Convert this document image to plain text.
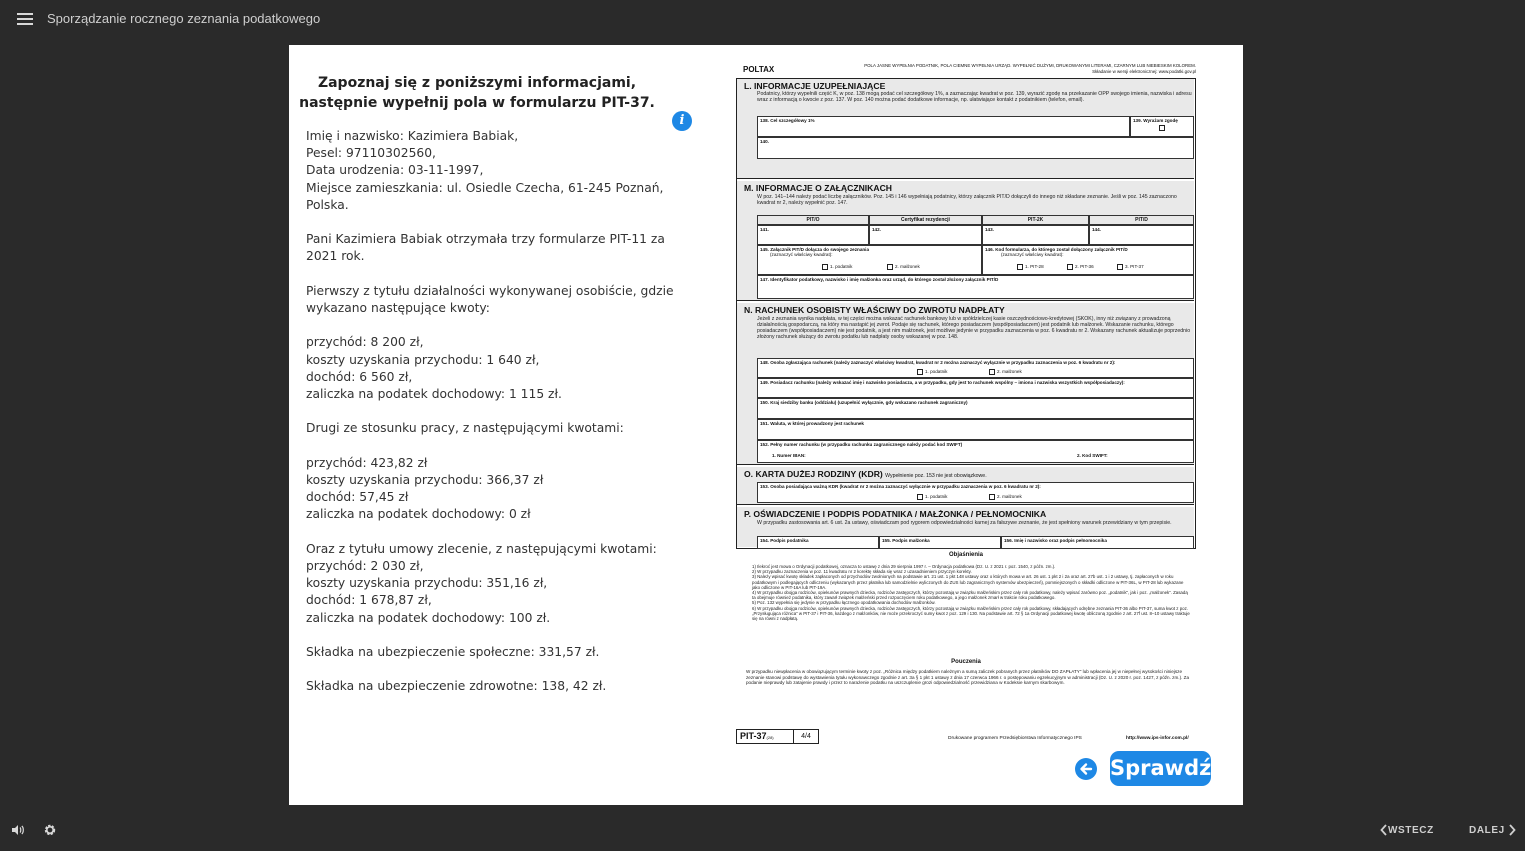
Sporządzanie rocznego zeznania podatkowego
Zapoznaj się z poniższymi informacjami, następnie wypełnij pola w formularzu PIT-37.
i
Imię i nazwisko: Kazimiera Babiak,
Pesel: 97110302560,
Data urodzenia: 03-11-1997,
Miejsce zamieszkania: ul. Osiedle Czecha, 61-245 Poznań, Polska.
Pani Kazimiera Babiak otrzymała trzy formularze PIT-11 za 2021 rok.
Pierwszy z tytułu działalności wykonywanej osobiście, gdzie wykazano następujące kwoty:
przychód: 8 200 zł,
koszty uzyskania przychodu: 1 640 zł,
dochód: 6 560 zł,
zaliczka na podatek dochodowy: 1 115 zł.
Drugi ze stosunku pracy, z następującymi kwotami:
przychód: 423,82 zł
koszty uzyskania przychodu: 366,37 zł
dochód: 57,45 zł
zaliczka na podatek dochodowy: 0 zł
Oraz z tytułu umowy zlecenie, z następującymi kwotami:
przychód: 2 030 zł,
koszty uzyskania przychodu: 351,16 zł,
dochód: 1 678,87 zł,
zaliczka na podatek dochodowy: 100 zł.
Składka na ubezpieczenie społeczne: 331,57 zł.
Składka na ubezpieczenie zdrowotne: 138, 42 zł.
POLTAX	POLA JASNE WYPEŁNIA PODATNIK, POLA CIEMNE WYPEŁNIA URZĄD. WYPEŁNIĆ DUŻYMI, DRUKOWANYMI LITERAMI, CZARNYM LUB NIEBIESKIM KOLOREM. Składanie w wersji elektronicznej: www.podatki.gov.pl
L. INFORMACJE UZUPEŁNIAJĄCE
Podatnicy, którzy wypełnili część K, w poz. 138 mogą podać cel szczegółowy 1%, a zaznaczając kwadrat w poz. 139, wyrazić zgodę na przekazanie OPP swojego imienia, nazwiska i adresu wraz z informacją o kwocie z poz. 137. W poz. 140 można podać dodatkowe informacje, np. ułatwiające kontakt z podatnikiem (telefon, email).
138. Cel szczegółowy 1%	139. Wyrażam zgodę

140.
M. INFORMACJE O ZAŁĄCZNIKACH
W poz. 141–144 należy podać liczbę załączników. Poz. 145 i 146 wypełniają podatnicy, którzy załącznik PIT/D dołączyli do innego niż składane zeznanie. Jeśli w poz. 145 zaznaczono kwadrat nr 2, należy wypełnić poz. 147.
PIT/O	Certyfikat rezydencji	PIT-2K	PIT/D
141.	142.	143.	144.
145. Załącznik PIT/D dołącza do swojego zeznania
(zaznaczyć właściwy kwadrat):
1. podatnik	2. małżonek
146. Kod formularza, do którego został dołączony załącznik PIT/D
(zaznaczyć właściwy kwadrat):
1. PIT-28	2. PIT-36	3. PIT-37
147. Identyfikator podatkowy, nazwisko i imię małżonka oraz urząd, do którego został złożony załącznik PIT/D
N. RACHUNEK OSOBISTY WŁAŚCIWY DO ZWROTU NADPŁATY
Jeżeli z zeznania wynika nadpłata, w tej części można wskazać rachunek bankowy lub w spółdzielczej kasie oszczędnościowo-kredytowej (SKOK), inny niż związany z prowadzoną działalnością gospodarczą, na który ma nastąpić jej zwrot. Podaje się rachunek, którego posiadaczem (współposiadaczem) jest podatnik lub małżonek. Wskazanie rachunku, którego posiadaczem (współposiadaczem) nie jest podatnik, a jest nim małżonek, jest możliwe jedynie w przypadku zaznaczenia w poz. 6 kwadratu nr 2. Wskazany rachunek aktualizuje poprzednio złożony rachunek służący do zwrotu podatku lub nadpłaty osoby wskazanej w poz. 148.
148. Osoba zgłaszająca rachunek (należy zaznaczyć właściwy kwadrat, kwadrat nr 2 można zaznaczyć wyłącznie w przypadku zaznaczenia w poz. 6 kwadratu nr 2):
1. podatnik	2. małżonek
149. Posiadacz rachunku (należy wskazać imię i nazwisko posiadacza, a w przypadku, gdy jest to rachunek wspólny – imiona i nazwiska wszystkich współposiadaczy):
150. Kraj siedziby banku (oddziału) (uzupełnić wyłącznie, gdy wskazano rachunek zagraniczny)
151. Waluta, w której prowadzony jest rachunek
152. Pełny numer rachunku (w przypadku rachunku zagranicznego należy podać kod SWIFT)
1. Numer IBAN:	2. Kod SWIFT:
O. KARTA DUŻEJ RODZINY (KDR) Wypełnienie poz. 153 nie jest obowiązkowe.
153. Osoba posiadająca ważną KDR (kwadrat nr 2 można zaznaczyć wyłącznie w przypadku zaznaczenia w poz. 6 kwadratu nr 2):
1. podatnik	2. małżonek
P. OŚWIADCZENIE I PODPIS PODATNIKA / MAŁŻONKA / PEŁNOMOCNIKA
W przypadku zastosowania art. 6 ust. 2a ustawy, oświadczam pod rygorem odpowiedzialności karnej za fałszywe zeznanie, że jest spełniony warunek przewidziany w tym przepisie.
154. Podpis podatnika	155. Podpis małżonka	156. Imię i nazwisko oraz podpis pełnomocnika
Objaśnienia
1) Ilekroć jest mowa o Ordynacji podatkowej, oznacza to ustawę z dnia 29 sierpnia 1997 r. – Ordynacja podatkowa (Dz. U. z 2021 r. poz. 1540, z późn. zm.).
2) W przypadku zaznaczenia w poz. 11 kwadratu nr 2 korektę składa się wraz z uzasadnieniem przyczyn korekty.
3) Należy wpisać kwotę składek zapłaconych od przychodów zwolnionych na podstawie art. 21 ust. 1 pkt 148 ustawy oraz o których mowa w art. 26 ust. 1 pkt 2 i 2a oraz art. 27b ust. 1 i 2 ustawy, tj. zapłaconych w roku podatkowym i podlegających odliczeniu (wykazanych przez płatnika lub samodzielnie wyliczonych do ZUS lub zagranicznych systemów ubezpieczeń), pomniejszonych o składki odliczone w PIT-36L, w PIT-28 lub wykazane jako odliczone w PIT-16A lub PIT-19A.
4) W przypadku obojga rodziców, opiekunów prawnych dziecka, rodziców zastępczych, którzy pozostają w związku małżeńskim przez cały rok podatkowy, należy wpisać zarówno poz. „podatnik”, jak i poz. „małżonek”. Zasadą ta obejmuje również podatnika, który zawarł związek małżeński przed rozpoczęciem roku podatkowego, a jego małżonek zmarł w trakcie roku podatkowego.
5) Poz. 132 wypełnia się jedynie w przypadku łącznego opodatkowania dochodów małżonków.
6) W przypadku obojga rodziców, opiekunów prawnych dziecka, rodziców zastępczych, którzy pozostają w związku małżeńskim przez cały rok podatkowy, składających odrębne zeznania PIT-36 albo PIT-37, suma kwot z poz. „Przysługująca różnica” w PIT-37 i PIT-36, każdego z małżonków, nie może przekroczyć sumy kwot z poz. 129 i 130. Na podstawie art. 72 § 1a Ordynacji podatkowej kwotę obliczoną zgodnie z art. 27f ust. 8–10 ustawy traktuje się na równi z nadpłatą.
Pouczenia
W przypadku niewpłacenia w obowiązującym terminie kwoty z poz. „Różnica między podatkiem należnym a sumą zaliczek pobranych przez płatników DO ZAPŁATY” lub wpłacenia jej w niepełnej wysokości niniejsze zeznanie stanowi podstawę do wystawienia tytułu wykonawczego zgodnie z art. 3a § 1 pkt 1 ustawy z dnia 17 czerwca 1966 r. o postępowaniu egzekucyjnym w administracji (Dz. U. z 2020 r. poz. 1427, z późn. zm.). Za podanie nieprawdy lub zatajenie prawdy i przez to narażenie podatku na uszczuplenie grozi odpowiedzialność przewidziana w Kodeksie karnym skarbowym.
PIT-37(28)	4/4	Drukowane programem Przedsiębiorstwa Informatycznego IPS	http://www.ips-infor.com.pl/
Sprawdź
WSTECZ	DALEJ
